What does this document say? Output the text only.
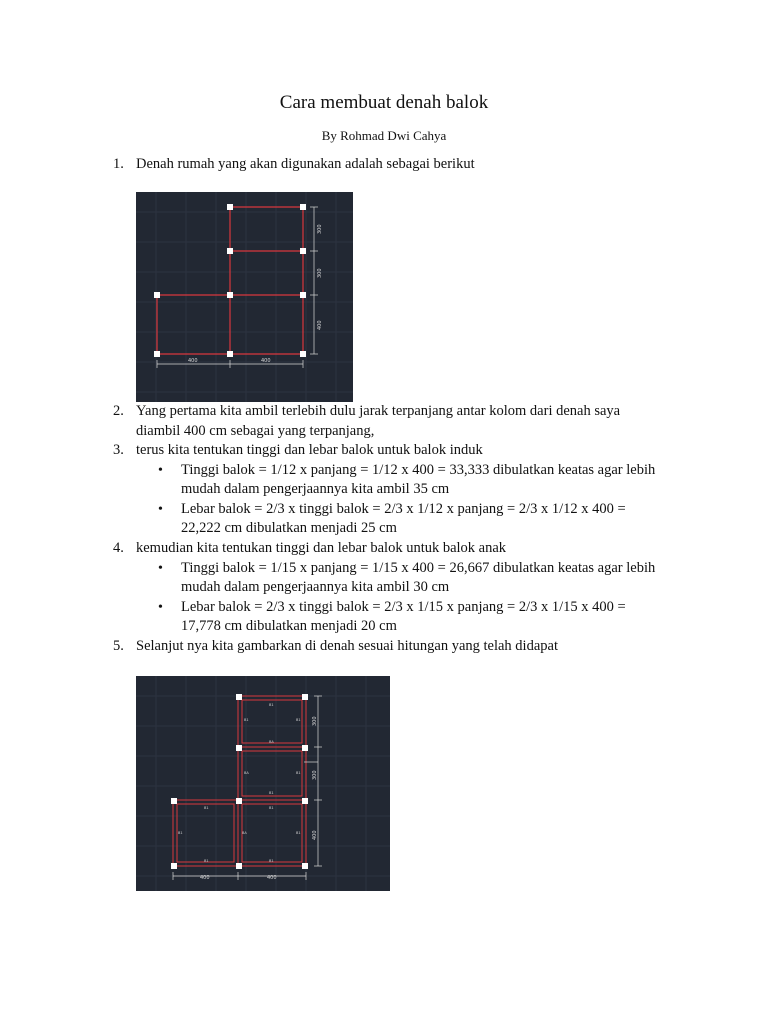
Cara membuat denah balok
By Rohmad Dwi Cahya
1. Denah rumah yang akan digunakan adalah sebagai berikut
400	400
300
300
400
2. Yang pertama kita ambil terlebih dulu jarak terpanjang antar kolom dari denah saya
diambil 400 cm sebagai yang terpanjang,
3. terus kita tentukan tinggi dan lebar balok untuk balok induk
• Tinggi balok = 1/12 x panjang = 1/12 x 400 = 33,333 dibulatkan keatas agar lebih
mudah dalam pengerjaannya kita ambil 35 cm
• Lebar balok = 2/3 x tinggi balok = 2/3 x 1/12 x panjang = 2/3 x 1/12 x 400 =
22,222 cm dibulatkan menjadi 25 cm
4. kemudian kita tentukan tinggi dan lebar balok untuk balok anak
• Tinggi balok = 1/15 x panjang = 1/15 x 400 = 26,667 dibulatkan keatas agar lebih
mudah dalam pengerjaannya kita ambil 30 cm
• Lebar balok = 2/3 x tinggi balok = 2/3 x 1/15 x panjang = 2/3 x 1/15 x 400 =
17,778 cm dibulatkan menjadi 20 cm
5. Selanjut nya kita gambarkan di denah sesuai hitungan yang telah didapat
400	400
300
300
400
B1
B1	B1
BA
BA	B1
B1
B1	B1
B1	BA	B1
B1	B1
